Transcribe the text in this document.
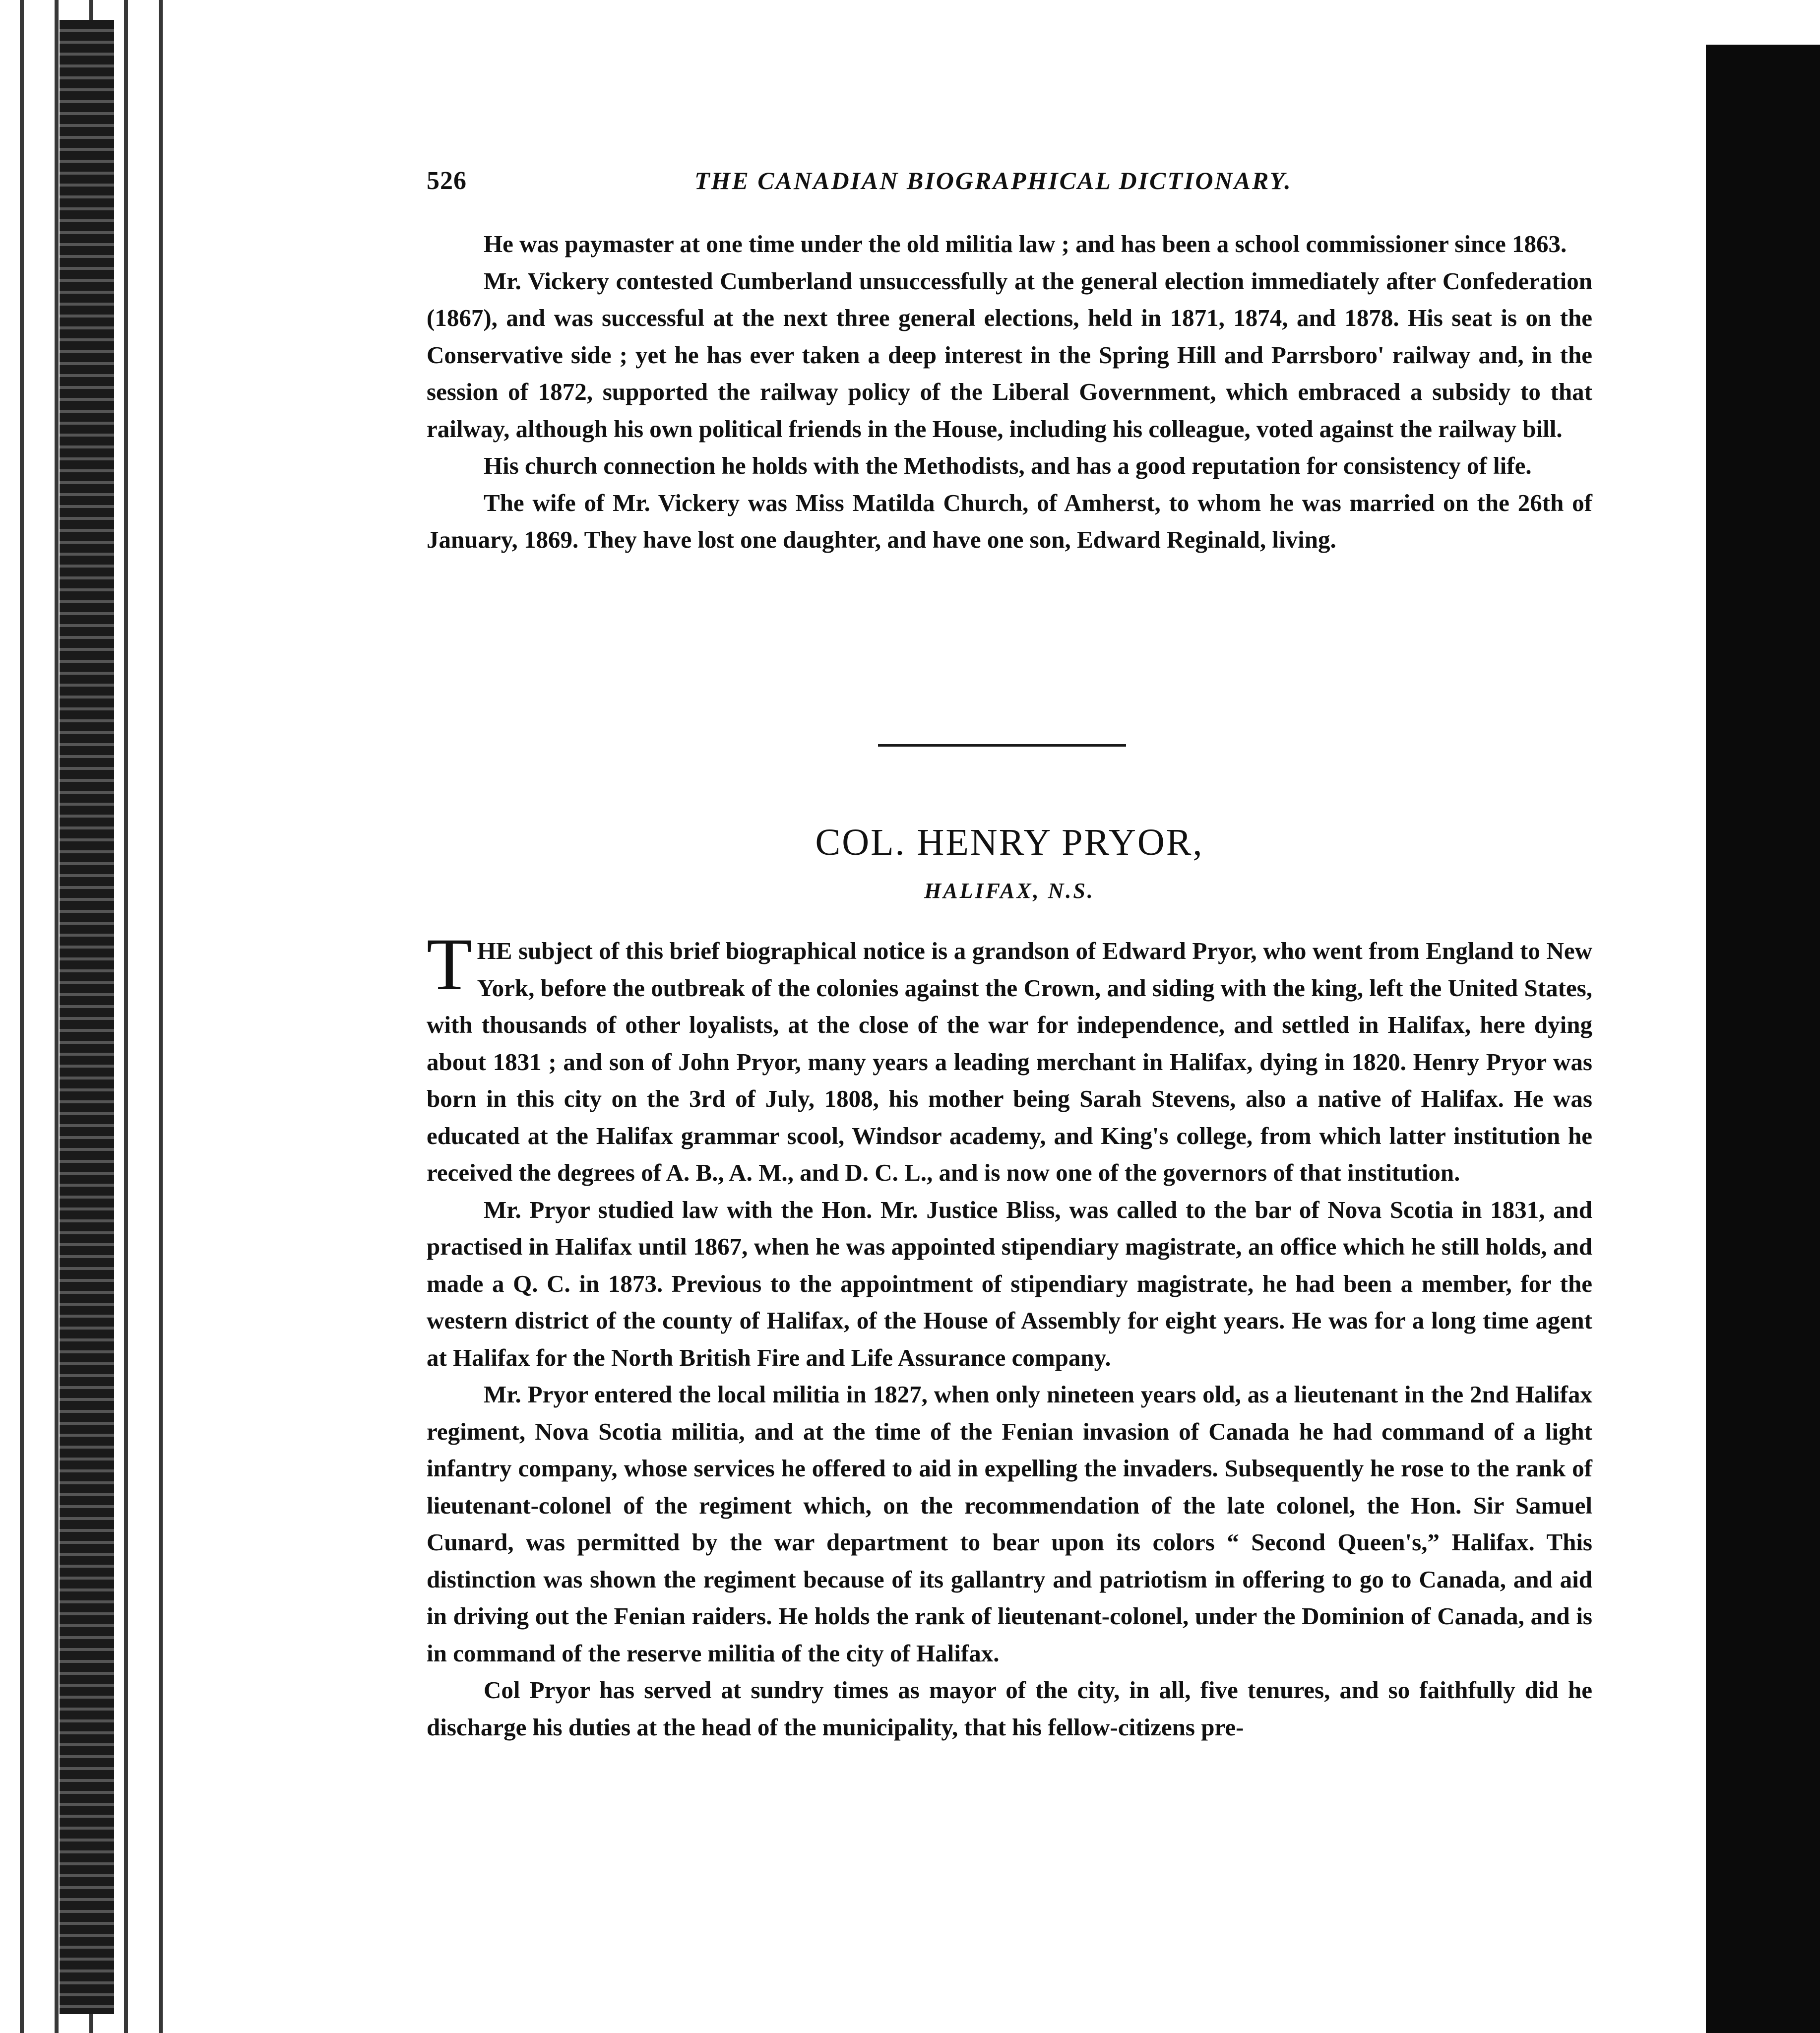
526	THE CANADIAN BIOGRAPHICAL DICTIONARY.

He was paymaster at one time under the old militia law ; and has been a school commissioner since 1863.

Mr. Vickery contested Cumberland unsuccessfully at the general election immediately after Confederation (1867), and was successful at the next three general elections, held in 1871, 1874, and 1878. His seat is on the Conservative side ; yet he has ever taken a deep interest in the Spring Hill and Parrsboro' railway and, in the session of 1872, supported the railway policy of the Liberal Government, which embraced a subsidy to that railway, although his own political friends in the House, including his colleague, voted against the railway bill.

His church connection he holds with the Methodists, and has a good reputation for consistency of life.

The wife of Mr. Vickery was Miss Matilda Church, of Amherst, to whom he was married on the 26th of January, 1869. They have lost one daughter, and have one son, Edward Reginald, living.

COL. HENRY PRYOR,
HALIFAX, N.S.

THE subject of this brief biographical notice is a grandson of Edward Pryor, who went from England to New York, before the outbreak of the colonies against the Crown, and siding with the king, left the United States, with thousands of other loyalists, at the close of the war for independence, and settled in Halifax, here dying about 1831 ; and son of John Pryor, many years a leading merchant in Halifax, dying in 1820. Henry Pryor was born in this city on the 3rd of July, 1808, his mother being Sarah Stevens, also a native of Halifax. He was educated at the Halifax grammar scool, Windsor academy, and King's college, from which latter institution he received the degrees of A. B., A. M., and D. C. L., and is now one of the governors of that institution.

Mr. Pryor studied law with the Hon. Mr. Justice Bliss, was called to the bar of Nova Scotia in 1831, and practised in Halifax until 1867, when he was appointed stipendiary magistrate, an office which he still holds, and made a Q. C. in 1873. Previous to the appointment of stipendiary magistrate, he had been a member, for the western district of the county of Halifax, of the House of Assembly for eight years. He was for a long time agent at Halifax for the North British Fire and Life Assurance company.

Mr. Pryor entered the local militia in 1827, when only nineteen years old, as a lieutenant in the 2nd Halifax regiment, Nova Scotia militia, and at the time of the Fenian invasion of Canada he had command of a light infantry company, whose services he offered to aid in expelling the invaders. Subsequently he rose to the rank of lieutenant-colonel of the regiment which, on the recommendation of the late colonel, the Hon. Sir Samuel Cunard, was permitted by the war department to bear upon its colors “ Second Queen's,” Halifax. This distinction was shown the regiment because of its gallantry and patriotism in offering to go to Canada, and aid in driving out the Fenian raiders. He holds the rank of lieutenant-colonel, under the Dominion of Canada, and is in command of the reserve militia of the city of Halifax.

Col Pryor has served at sundry times as mayor of the city, in all, five tenures, and so faithfully did he discharge his duties at the head of the municipality, that his fellow-citizens pre-
